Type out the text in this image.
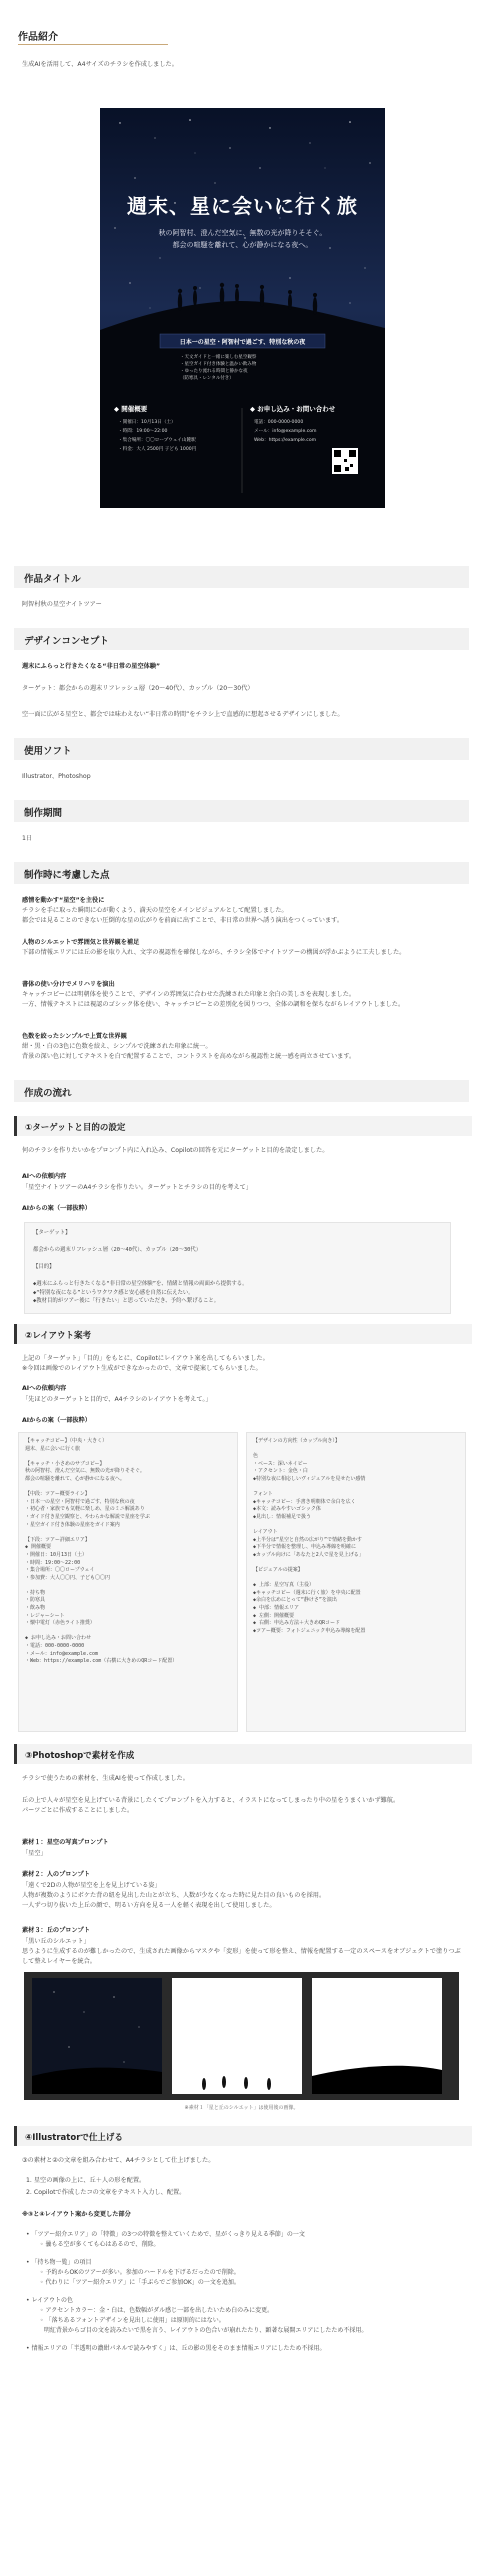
作品紹介
生成AIを活用して、A4サイズのチラシを作成しました。
週末、星に会いに行く旅
秋の阿智村、澄んだ空気に、無数の光が降りそそぐ。
都会の喧騒を離れて、心が静かになる夜へ。
日本一の星空・阿智村で過ごす、特別な秋の夜
・天文ガイドと一緒に楽しむ星空観察
・星空ガイド付き体験と温かい飲み物
・ゆったり流れる時間と静かな夜
（防寒具・レンタル付き）
◆ 開催概要
・開催日：10月13日（土）
・時間：19:00〜22:00
・集合場所：〇〇ロープウェイ山麓駅
・料金：大人 2500円 子ども 1000円
◆ お申し込み・お問い合わせ
電話：000-0000-0000
メール：info@example.com
Web：https://example.com
作品タイトル
阿智村秋の星空ナイトツアー
デザインコンセプト
週末にふらっと行きたくなる“非日常の星空体験”
ターゲット：都会からの週末リフレッシュ層（20〜40代）、カップル（20〜30代）
空一面に広がる星空と、都会では味わえない“非日常の時間”をチラシ上で直感的に想起させるデザインにしました。
使用ソフト
Illustrator、Photoshop
制作期間
1日
制作時に考慮した点
感情を動かす“星空”を主役に
チラシを手に取った瞬間に心が動くよう、満天の星空をメインビジュアルとして配置しました。
都会では見ることのできない圧倒的な星の広がりを前面に出すことで、非日常の世界へ誘う演出をつくっています。
人物のシルエットで雰囲気と世界観を補足
下部の情報エリアには丘の影を取り入れ、文字の視認性を確保しながら、チラシ全体でナイトツアーの構図が浮かぶように工夫しました。
書体の使い分けでメリハリを演出
キャッチコピーには明朝体を使うことで、デザインの雰囲気に合わせた洗練された印象と余白の美しさを表現しました。
一方、情報テキストには視認のゴシック体を使い、キャッチコピーとの差別化を図りつつ、全体の調和を保ちながらレイアウトしました。
色数を絞ったシンプルで上質な世界観
紺・黒・白の3色に色数を絞え、シンプルで洗練された印象に統一。
背景の深い色に対してテキストを白で配置することで、コントラストを高めながら視認性と統一感を両立させています。
作成の流れ
①ターゲットと目的の設定
何のチラシを作りたいかをプロンプト内に入れ込み、Copilotの回答を元にターゲットと目的を設定しました。
AIへの依頼内容
「星空ナイトツアーのA4チラシを作りたい。ターゲットとチラシの目的を考えて」
AIからの案（一部抜粋）
【ターゲット】

都会からの週末リフレッシュ層（20〜40代）、カップル（20〜30代）

【目的】

◆週末にふらっと行きたくなる“非日常の星空体験”を、情緒と情報の両面から提供する。
◆“特別な夜になる”というワクワク感と安心感を自然に伝えたい。
◆教材目的がツアー後に「行きたい」と思っていただき、予約へ繋げること。
②レイアウト案考
上記の「ターゲット」「目的」をもとに、Copilotにレイアウト案を出してもらいました。
※今回は画像でのレイアウト生成ができなかったので、文章で提案してもらいました。
AIへの依頼内容
「先ほどのターゲットと目的で、A4チラシのレイアウトを考えて。」
AIからの案（一部抜粋）
【キャッチコピー】（中央・大きく）
週末、星に会いに行く旅

【キャッチ・小さめのサブコピー】
秋の阿智村、澄んだ空気に、無数の光が降りそそぐ。
都会の喧騒を離れて、心が静かになる夜へ。

【中段：ツアー概要ライン】
・日本一の星空・阿智村で過ごす、特別な秋の夜
・初心者・家族でも気軽に楽しめ、星のミニ解説あり
・ガイド付き星空観察と、やわらかな解説で星座を学ぶ
・星空ガイド付き体験の星座をガイド案内

【下段：ツアー詳細エリア】
◆ 開催概要
・開催日：10月13日（土）
・時間：19:00〜22:00
・集合場所：〇〇ロープウェイ
・参加費：大人〇〇円、子ども〇〇円

・持ち物
・防寒具
・飲み物
・レジャーシート
・懐中電灯（赤色ライト推奨）

◆ お申し込み・お問い合わせ
・電話：000-0000-0000
・メール：info@example.com
・Web：https://example.com（右横に大きめのQRコード配置）
【デザインの方向性（カップル向き）】

色
・ベース：深いネイビー
・アクセント：金色・白
◆特別な夜に相応しいヴィジュアルを見せたい感情

フォント
◆キャッチコピー：手書き明朝体で余白を広く
◆本文：読みやすいゴシック体
◆見出し：情報補足で扱う

レイアウト
◆上半分は“星空と自然の広がり”で情緒を動かす
◆下半分で情報を整理し、申込み導線を明確に
◆カップル向けに「あなたと2人で星を見上げる」

【ビジュアルの提案】

◆ 上部：星空写真（主役）
◆キャッチコピー（週末に行く旅）を中央に配置
◆余白を広めにとって“静けさ”を演出
◆ 中部：情報エリア
◆ 左側：開催概要
◆ 右側：申込み方法＋大きめQRコード
◆ツアー概要：フォトジェニック申込み導線を配置
③Photoshopで素材を作成
チラシで使うための素材を、生成AIを使って作成しました。
丘の上で人々が星空を見上げている背景にしたくてプロンプトを入力すると、イラストになってしまったり中の星をうまくいかず難航。
パーツごとに作成することにしました。
素材１：星空の写真プロンプト
「星空」
素材２：人のプロンプト
「遠くで2Dの人物が星空を上を見上げている姿」
人物が複数のようにボケた背の紐を見出した山とが立ち、人数が少なくなった時に見た目の良いものを採用。
一人ずつ切り抜いた上丘の顔で、明るい方向を見る一人を軽く表現を出して使用しました。
素材３：丘のプロンプト
「黒い丘のシルエット」
思うように生成するのが難しかったので、生成された画像からマスクや「変形」を使って形を整え、情報を配置する一定のスペースをオブジェクトで塗りつぶして整えレイヤーを統合。
※素材１「星と丘のシルエット」は使用後の画像。
④Illustratorで仕上げる
③の素材と②の文章を組み合わせて、A4チラシとして仕上げました。
1. 星空の画像の上に、丘＋人の形を配置。
2. Copilotで作成したコの文章をテキスト入力し、配置。
※③と④レイアウト案から変更した部分
• 「ツアー紹介エリア」の「特徴」の3つの特徴を整えていくためで、星がくっきり見える季節」の一文
◦ 曇もる空が多くても心はあるので、削除。
• 「持ち物一覧」の項目
◦ 予約からOKのツアーが多い。参加のハードルを下げるだったので削除。
◦ 代わりに「ツアー紹介エリア」に「手ぶらでご参加OK」の一文を追加。
• レイアウトの色
◦ アクセントカラー：金・白は、色数幅がダル感じ一部を出したいため白のみに変更。
◦ 「落ちあるフォントデザインを見出しに使用」は原則的にはない。
明紅背景からゴ目の文を読みたいで黒を言う、レイアウトの色合いが崩れたたり、顕著な展開エリアにしたため不採用。
• 情報エリアの「半透明の濃紺パネルで読みやすく」は、丘の影の黒をそのまま情報エリアにしたため不採用。
